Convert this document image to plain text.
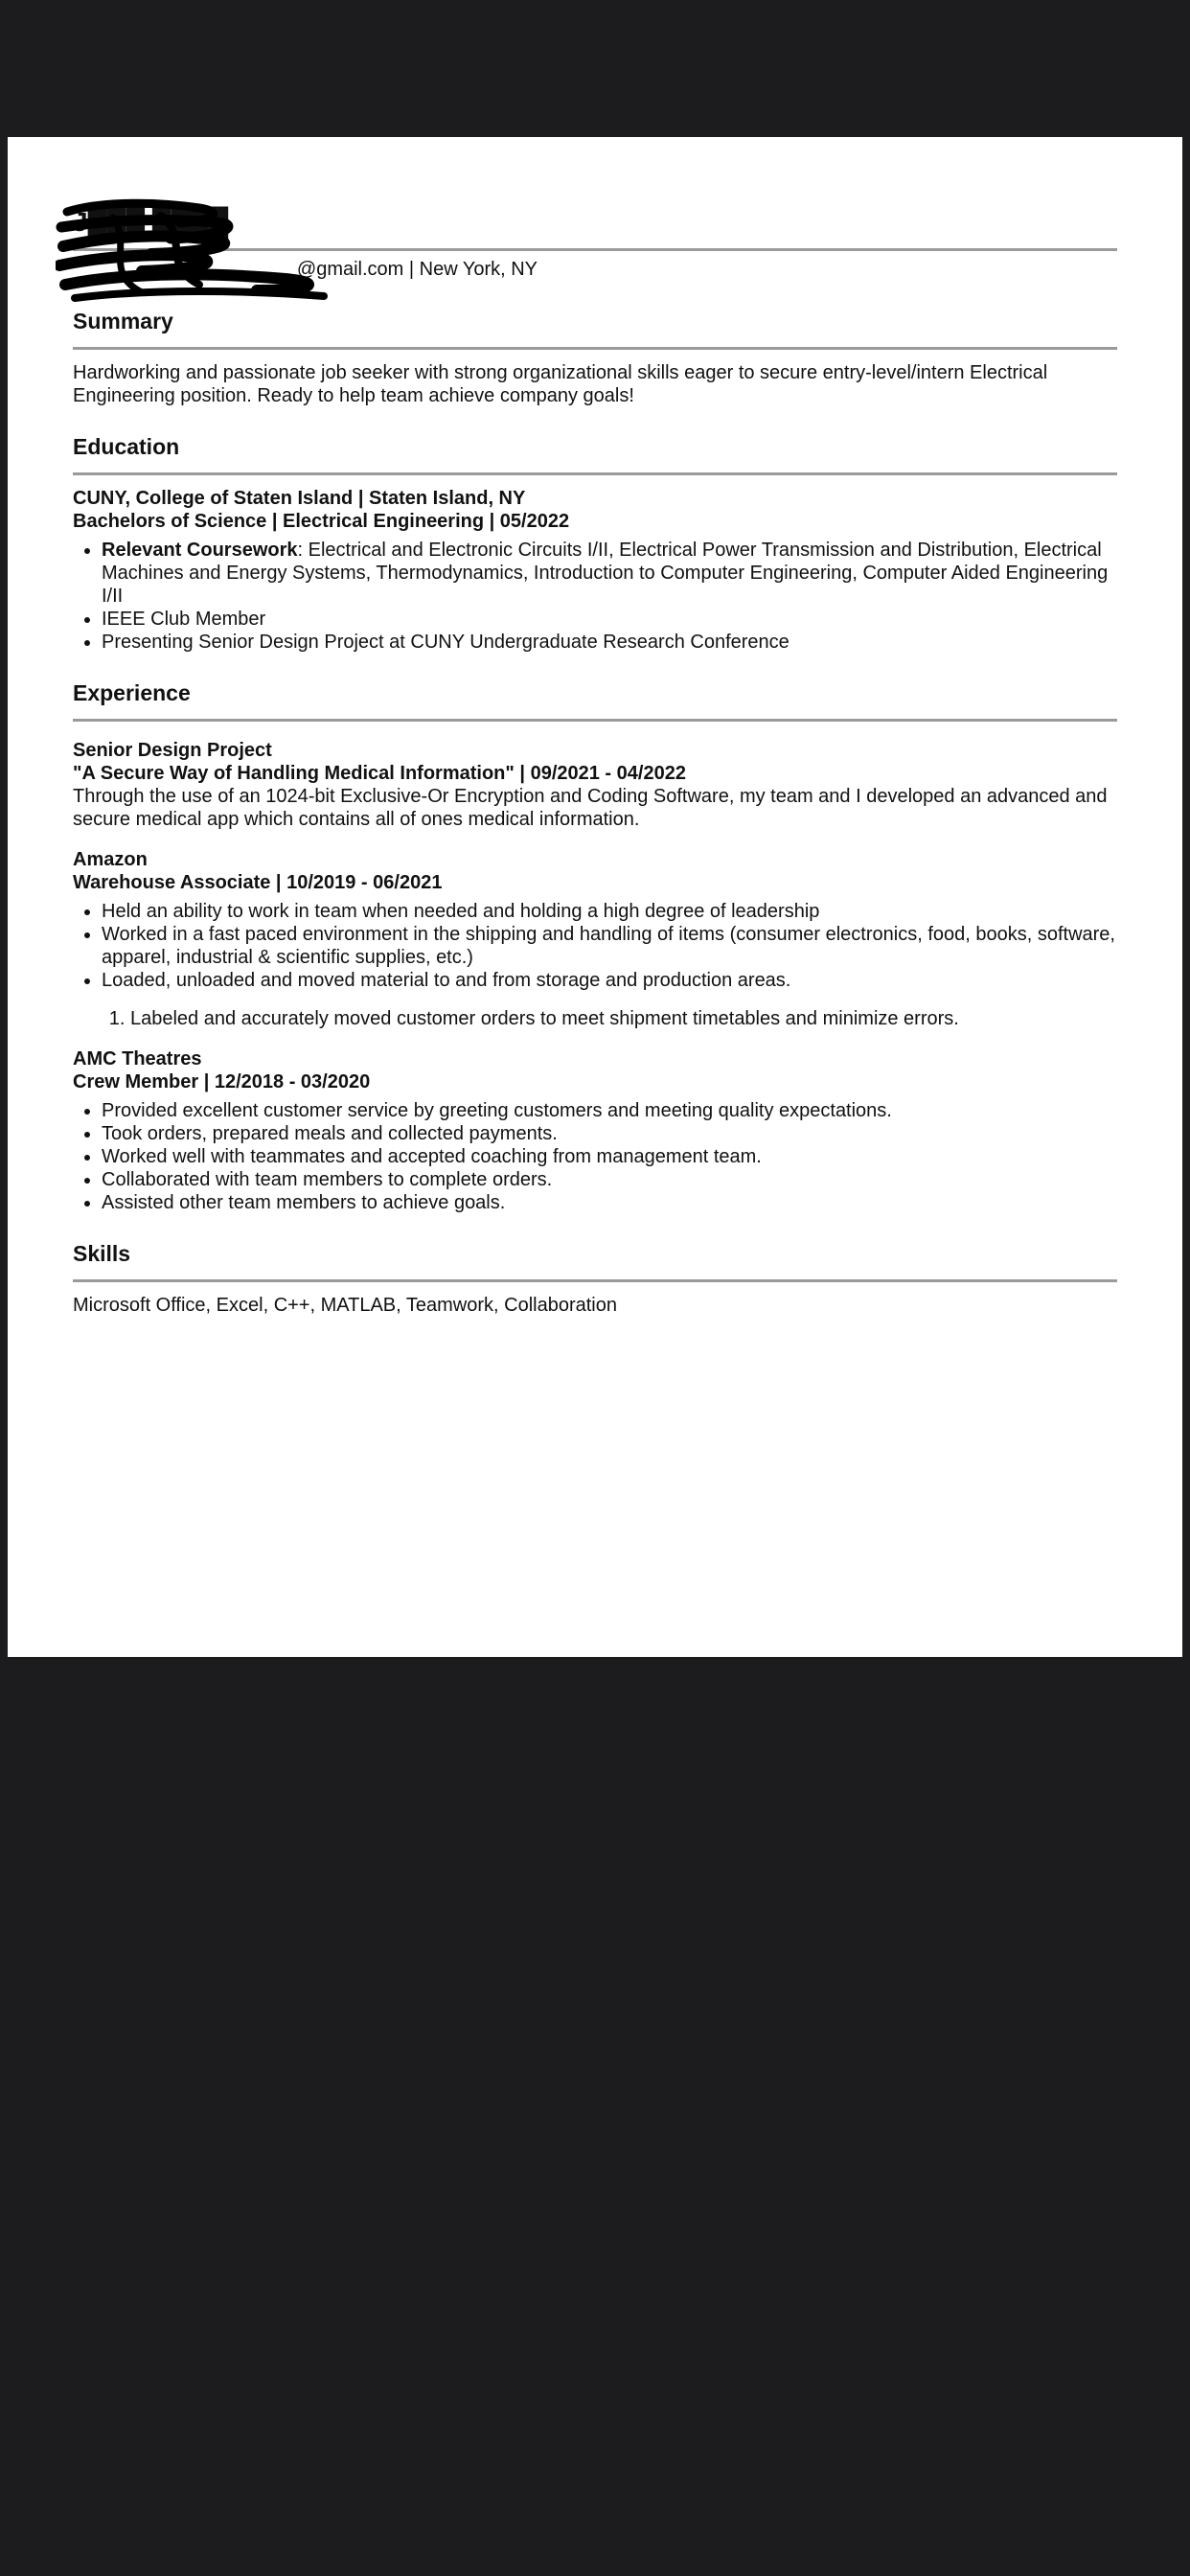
J███ ████
@gmail.com | New York, NY
Summary

Hardworking and passionate job seeker with strong organizational skills eager to secure entry-level/intern Electrical Engineering position. Ready to help team achieve company goals!

Education
CUNY, College of Staten Island | Staten Island, NY
Bachelors of Science | Electrical Engineering | 05/2022
• Relevant Coursework: Electrical and Electronic Circuits I/II, Electrical Power Transmission and Distribution, Electrical Machines and Energy Systems, Thermodynamics, Introduction to Computer Engineering, Computer Aided Engineering I/II
• IEEE Club Member
• Presenting Senior Design Project at CUNY Undergraduate Research Conference
Experience
Senior Design Project
"A Secure Way of Handling Medical Information" | 09/2021 - 04/2022

Through the use of an 1024-bit Exclusive-Or Encryption and Coding Software, my team and I developed an advanced and secure medical app which contains all of ones medical information.

Amazon
Warehouse Associate | 10/2019 - 06/2021
• Held an ability to work in team when needed and holding a high degree of leadership
• Worked in a fast paced environment in the shipping and handling of items (consumer electronics, food, books, software, apparel, industrial & scientific supplies, etc.)
• Loaded, unloaded and moved material to and from storage and production areas.
1. Labeled and accurately moved customer orders to meet shipment timetables and minimize errors.
AMC Theatres
Crew Member | 12/2018 - 03/2020
• Provided excellent customer service by greeting customers and meeting quality expectations.
• Took orders, prepared meals and collected payments.
• Worked well with teammates and accepted coaching from management team.
• Collaborated with team members to complete orders.
• Assisted other team members to achieve goals.
Skills
Microsoft Office, Excel, C++, MATLAB, Teamwork, Collaboration
